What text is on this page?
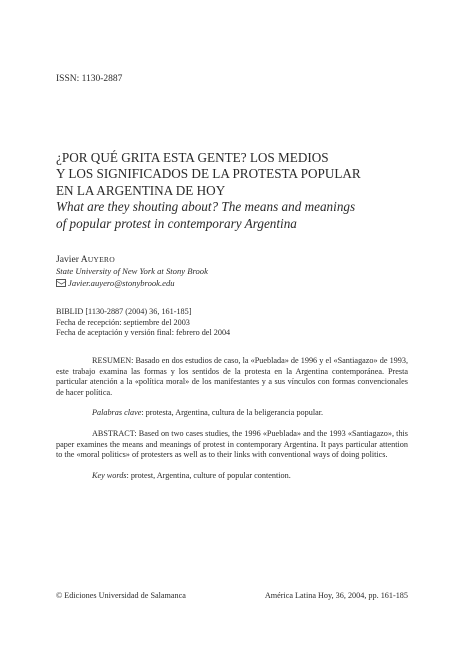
ISSN: 1130-2887
¿POR QUÉ GRITA ESTA GENTE? LOS MEDIOS
Y LOS SIGNIFICADOS DE LA PROTESTA POPULAR
EN LA ARGENTINA DE HOY
What are they shouting about? The means and meanings
of popular protest in contemporary Argentina
Javier AUYERO
State University of New York at Stony Brook
Javier.auyero@stonybrook.edu
BIBLID [1130-2887 (2004) 36, 161-185]
Fecha de recepción: septiembre del 2003
Fecha de aceptación y versión final: febrero del 2004

RESUMEN: Basado en dos estudios de caso, la «Pueblada» de 1996 y el «Santiagazo» de 1993, este trabajo examina las formas y los sentidos de la protesta en la Argentina contemporánea. Presta particular atención a la «política moral» de los manifestantes y a sus vínculos con formas convencionales de hacer política.

Palabras clave: protesta, Argentina, cultura de la beligerancia popular.

ABSTRACT: Based on two cases studies, the 1996 «Pueblada» and the 1993 «Santiagazo», this paper examines the means and meanings of protest in contemporary Argentina. It pays particular attention to the «moral politics» of protesters as well as to their links with conventional ways of doing politics.

Key words: protest, Argentina, culture of popular contention.

© Ediciones Universidad de Salamanca	América Latina Hoy, 36, 2004, pp. 161-185
